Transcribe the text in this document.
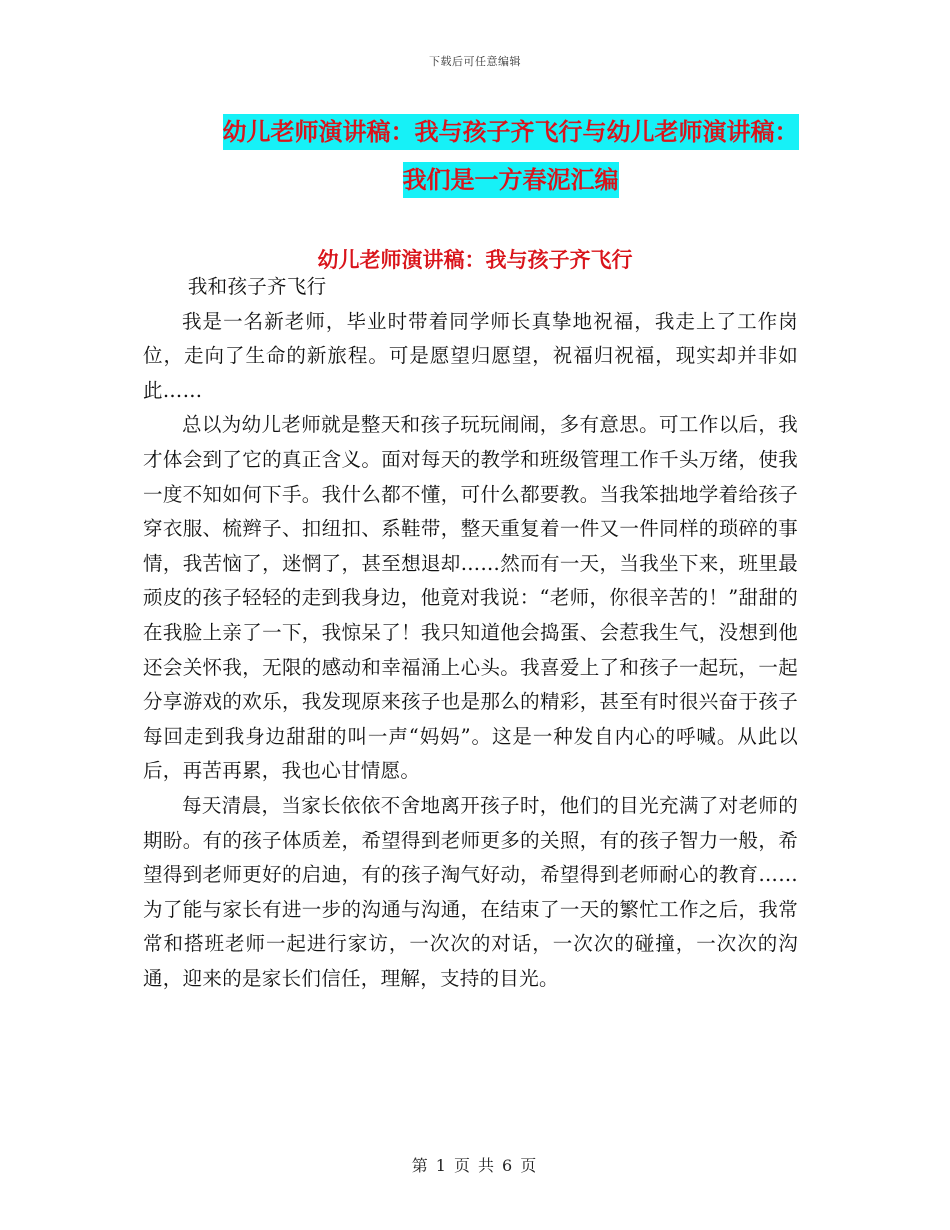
下载后可任意编辑
幼儿老师演讲稿：我与孩子齐飞行与幼儿老师演讲稿：
我们是一方春泥汇编
幼儿老师演讲稿：我与孩子齐飞行

我和孩子齐飞行

我是一名新老师，毕业时带着同学师长真挚地祝福，我走上了工作岗位，走向了生命的新旅程。可是愿望归愿望，祝福归祝福，现实却并非如此……

总以为幼儿老师就是整天和孩子玩玩闹闹，多有意思。可工作以后，我才体会到了它的真正含义。面对每天的教学和班级管理工作千头万绪，使我一度不知如何下手。我什么都不懂，可什么都要教。当我笨拙地学着给孩子穿衣服、梳辫子、扣纽扣、系鞋带，整天重复着一件又一件同样的琐碎的事情，我苦恼了，迷惘了，甚至想退却……然而有一天，当我坐下来，班里最顽皮的孩子轻轻的走到我身边，他竟对我说：“老师，你很辛苦的！”甜甜的在我脸上亲了一下，我惊呆了！我只知道他会捣蛋、会惹我生气，没想到他还会关怀我，无限的感动和幸福涌上心头。我喜爱上了和孩子一起玩，一起分享游戏的欢乐，我发现原来孩子也是那么的精彩，甚至有时很兴奋于孩子每回走到我身边甜甜的叫一声“妈妈”。这是一种发自内心的呼喊。从此以后，再苦再累，我也心甘情愿。

每天清晨，当家长依依不舍地离开孩子时，他们的目光充满了对老师的期盼。有的孩子体质差，希望得到老师更多的关照，有的孩子智力一般，希望得到老师更好的启迪，有的孩子淘气好动，希望得到老师耐心的教育……为了能与家长有进一步的沟通与沟通，在结束了一天的繁忙工作之后，我常常和搭班老师一起进行家访，一次次的对话，一次次的碰撞，一次次的沟通，迎来的是家长们信任，理解，支持的目光。

第 1 页 共 6 页
